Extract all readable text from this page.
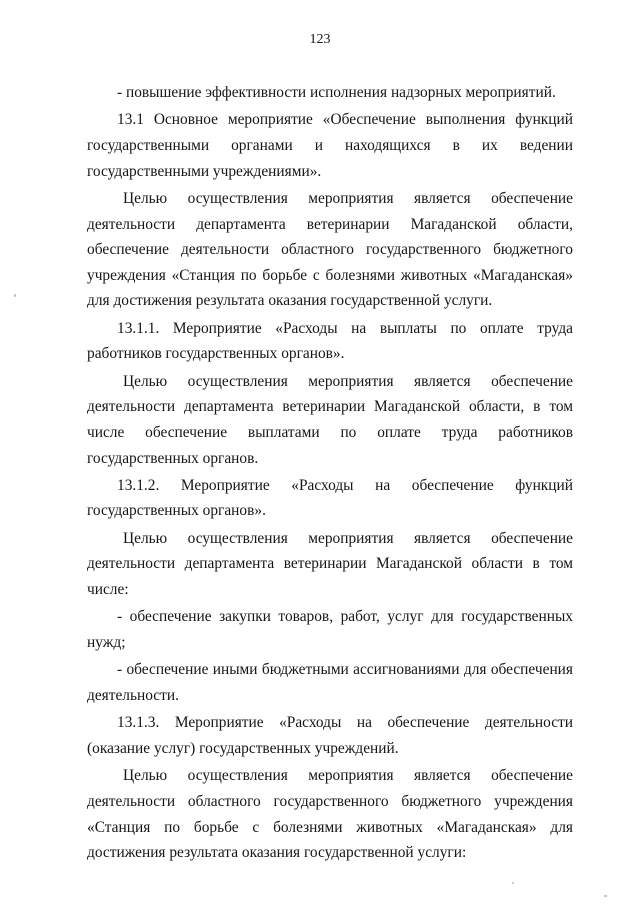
123

- повышение эффективности исполнения надзорных мероприятий.

13.1 Основное мероприятие «Обеспечение выполнения функций государственными органами и находящихся в их ведении государственными учреждениями».

Целью осуществления мероприятия является обеспечение деятельности департамента ветеринарии Магаданской области, обеспечение деятельности областного государственного бюджетного учреждения «Станция по борьбе с болезнями животных «Магаданская» для достижения результата оказания государственной услуги.

13.1.1. Мероприятие «Расходы на выплаты по оплате труда работников государственных органов».

Целью осуществления мероприятия является обеспечение деятельности департамента ветеринарии Магаданской области, в том числе обеспечение выплатами по оплате труда работников государственных органов.

13.1.2. Мероприятие «Расходы на обеспечение функций государственных органов».

Целью осуществления мероприятия является обеспечение деятельности департамента ветеринарии Магаданской области в том числе:

- обеспечение закупки товаров, работ, услуг для государственных нужд;

- обеспечение иными бюджетными ассигнованиями для обеспечения деятельности.

13.1.3. Мероприятие «Расходы на обеспечение деятельности (оказание услуг) государственных учреждений.

Целью осуществления мероприятия является обеспечение деятельности областного государственного бюджетного учреждения «Станция по борьбе с болезнями животных «Магаданская» для достижения результата оказания государственной услуги:
